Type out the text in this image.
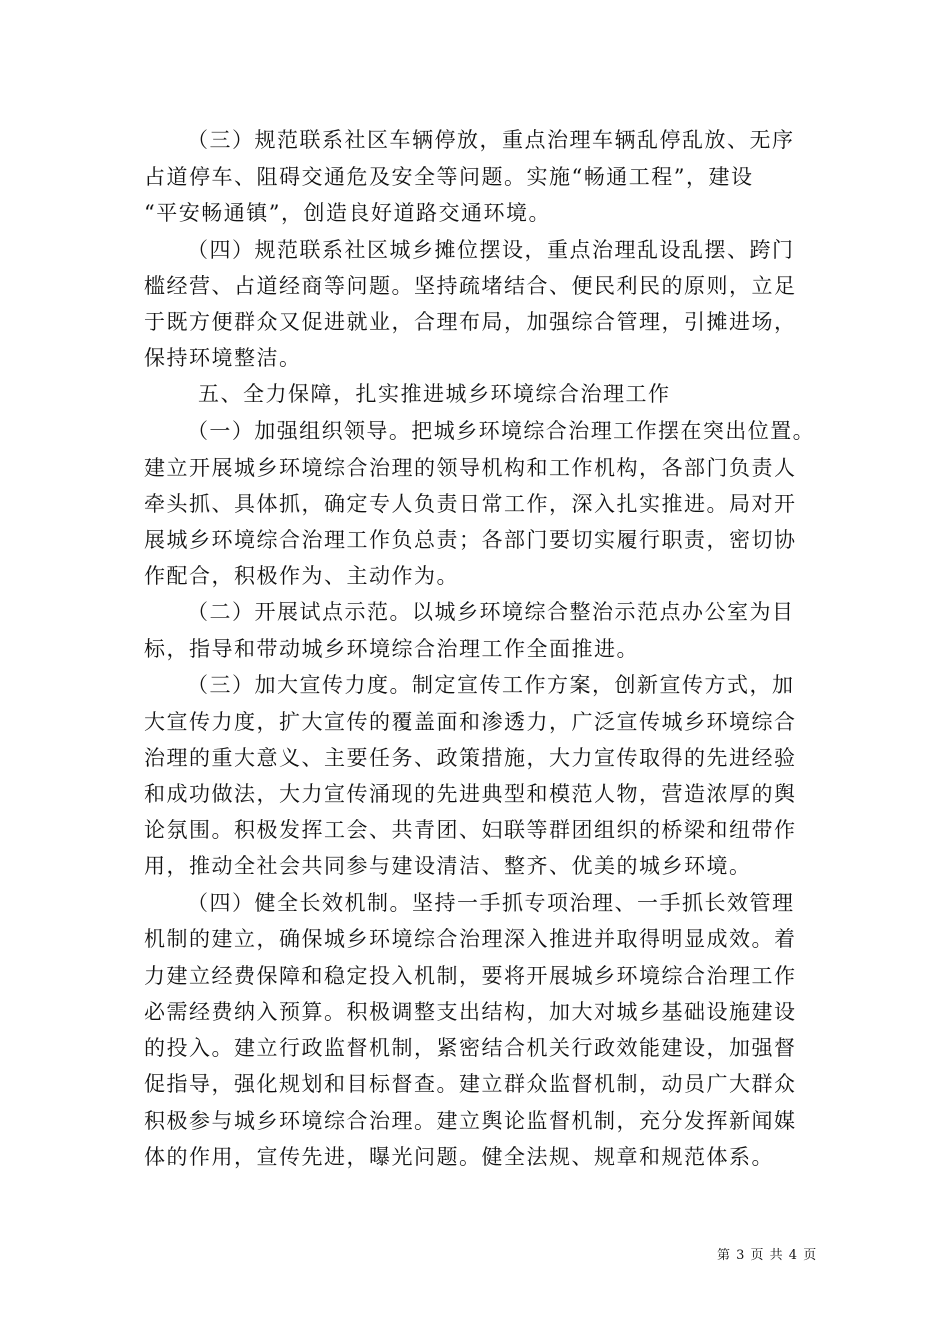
（三）规范联系社区车辆停放，重点治理车辆乱停乱放、无序
占道停车、阻碍交通危及安全等问题。实施“畅通工程”，建设
“平安畅通镇”，创造良好道路交通环境。
（四）规范联系社区城乡摊位摆设，重点治理乱设乱摆、跨门
槛经营、占道经商等问题。坚持疏堵结合、便民利民的原则，立足
于既方便群众又促进就业，合理布局，加强综合管理，引摊进场，
保持环境整洁。
五、全力保障，扎实推进城乡环境综合治理工作
（一）加强组织领导。把城乡环境综合治理工作摆在突出位置。
建立开展城乡环境综合治理的领导机构和工作机构，各部门负责人
牵头抓、具体抓，确定专人负责日常工作，深入扎实推进。局对开
展城乡环境综合治理工作负总责；各部门要切实履行职责，密切协
作配合，积极作为、主动作为。
（二）开展试点示范。以城乡环境综合整治示范点办公室为目
标，指导和带动城乡环境综合治理工作全面推进。
（三）加大宣传力度。制定宣传工作方案，创新宣传方式，加
大宣传力度，扩大宣传的覆盖面和渗透力，广泛宣传城乡环境综合
治理的重大意义、主要任务、政策措施，大力宣传取得的先进经验
和成功做法，大力宣传涌现的先进典型和模范人物，营造浓厚的舆
论氛围。积极发挥工会、共青团、妇联等群团组织的桥梁和纽带作
用，推动全社会共同参与建设清洁、整齐、优美的城乡环境。
（四）健全长效机制。坚持一手抓专项治理、一手抓长效管理
机制的建立，确保城乡环境综合治理深入推进并取得明显成效。着
力建立经费保障和稳定投入机制，要将开展城乡环境综合治理工作
必需经费纳入预算。积极调整支出结构，加大对城乡基础设施建设
的投入。建立行政监督机制，紧密结合机关行政效能建设，加强督
促指导，强化规划和目标督查。建立群众监督机制，动员广大群众
积极参与城乡环境综合治理。建立舆论监督机制，充分发挥新闻媒
体的作用，宣传先进，曝光问题。健全法规、规章和规范体系。
第 3 页 共 4 页
